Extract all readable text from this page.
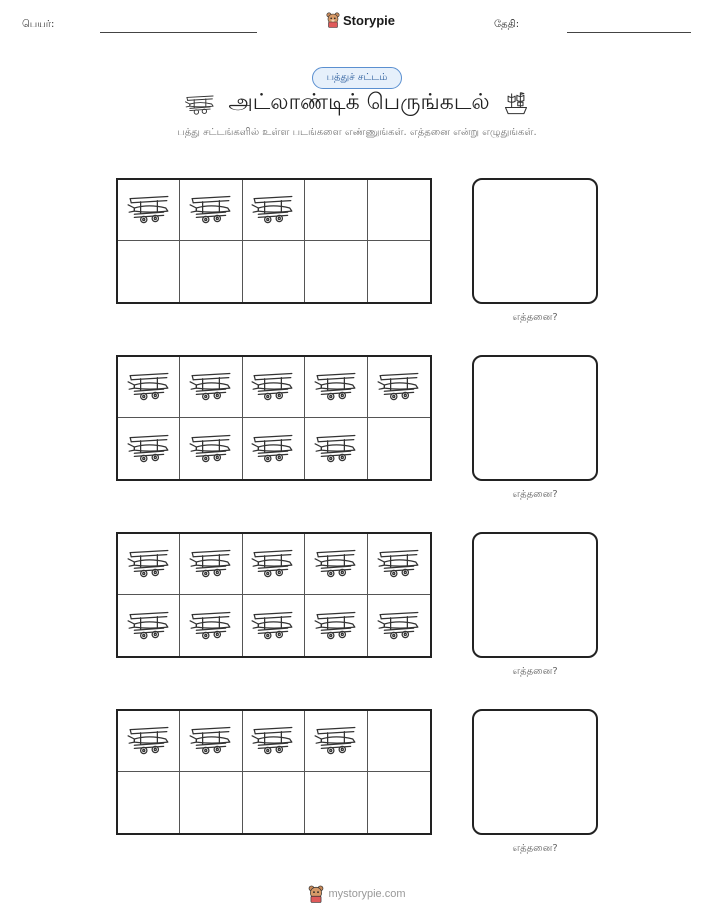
பெயர்:	Storypie	தேதி:
பத்துச் சட்டம்
அட்லாண்டிக் பெருங்கடல்
பத்து சட்டங்களில் உள்ள படங்களை எண்ணுங்கள். எத்தனை என்று எழுதுங்கள்.
எத்தனை?
எத்தனை?
எத்தனை?
எத்தனை?
mystorypie.com
